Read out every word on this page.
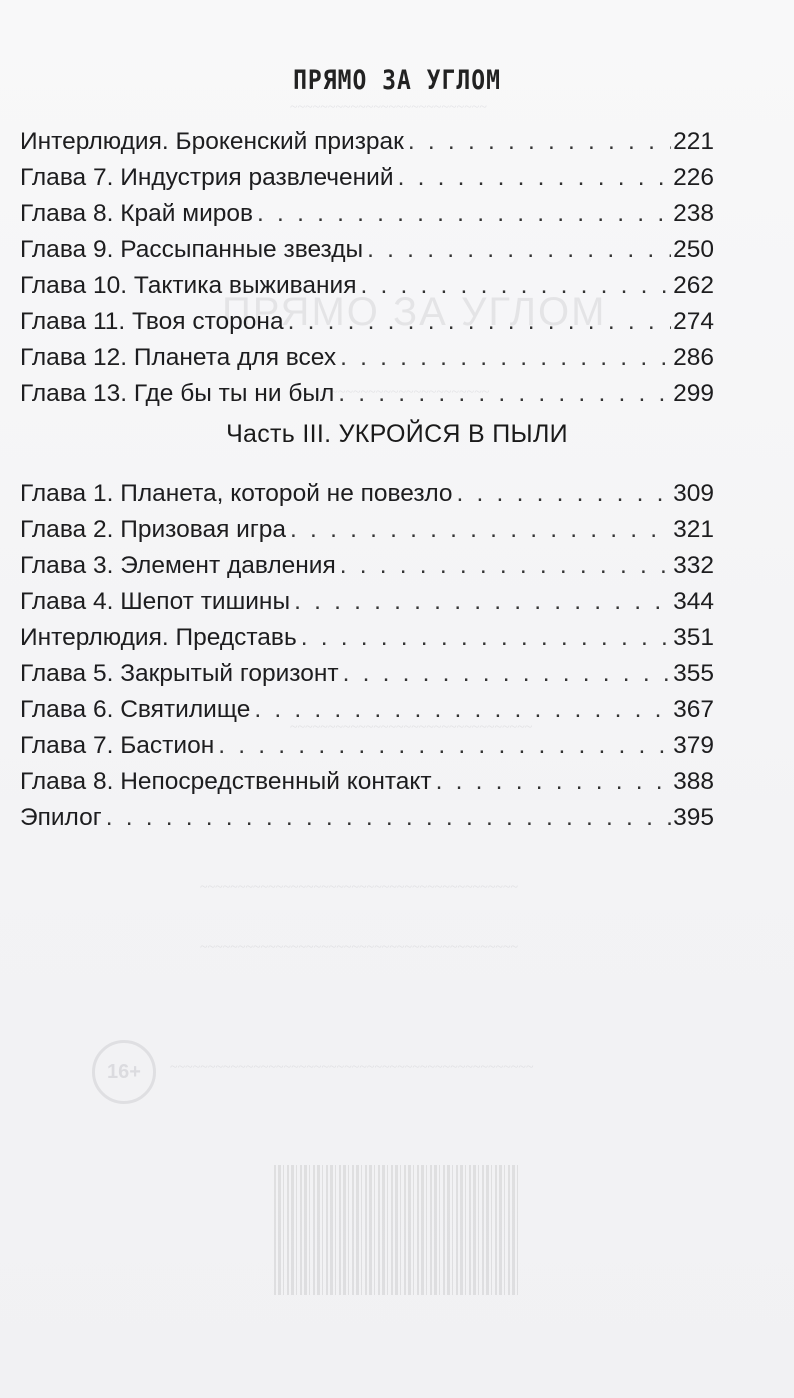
ПРЯМО ЗА УГЛОМ
~~~~~~~~~~~~~~~~~~~~~~~~~~
~~~~~~~~~~~~~~~~~~~~~~~~~
~~~~~~~~~~~~~~~~~~~~~~~~~~~~~~~~
~~~~~~~~~~~~~~~~~~~~~~~~~~~~~~~~~~~~~~~~~~
~~~~~~~~~~~~~~~~~~~~~~~~~~~~~~~~~~~~~~~~~~
~~~~~~~~~~~~~~~~~~~~~~~~~~~~~~~~~~~~~~~~~~~~~~~~
16+
ПРЯМО ЗА УГЛОМ
Интерлюдия. Брокенский призрак . . .	221
Глава 7. Индустрия развлечений . . .	226
Глава 8. Край миров . . .	238
Глава 9. Рассыпанные звезды . . .	250
Глава 10. Тактика выживания . . .	262
Глава 11. Твоя сторона . . .	274
Глава 12. Планета для всех . . .	286
Глава 13. Где бы ты ни был . . .	299
Часть III. УКРОЙСЯ В ПЫЛИ
Глава 1. Планета, которой не повезло . . .	309
Глава 2. Призовая игра . . .	321
Глава 3. Элемент давления . . .	332
Глава 4. Шепот тишины . . .	344
Интерлюдия. Представь . . .	351
Глава 5. Закрытый горизонт . . .	355
Глава 6. Святилище . . .	367
Глава 7. Бастион . . .	379
Глава 8. Непосредственный контакт . . .	388
Эпилог . . .	395
